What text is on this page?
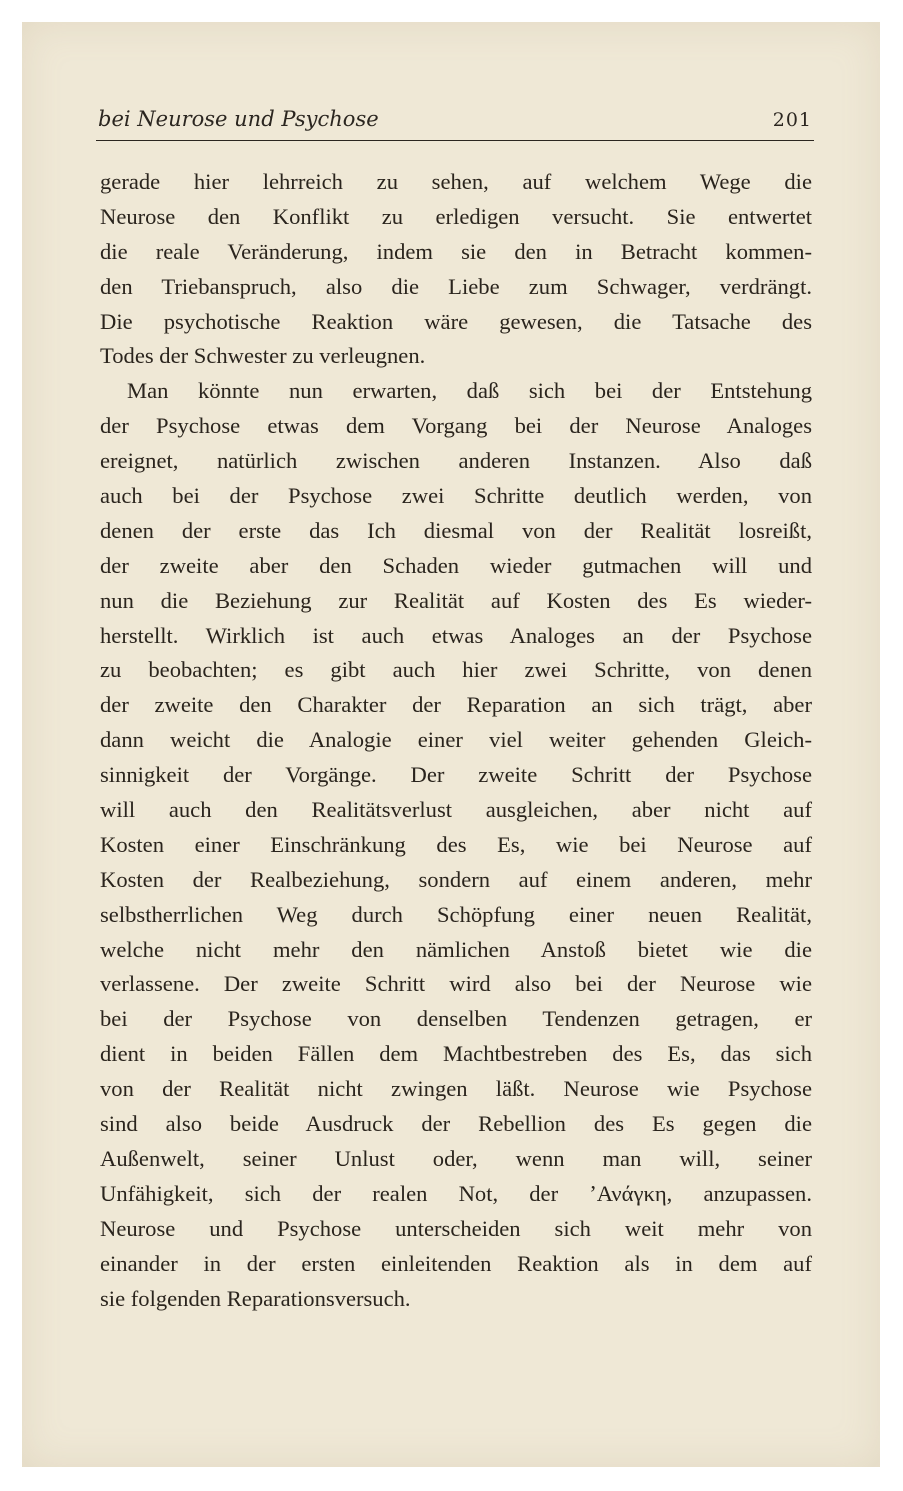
bei Neurose und Psychose	201
gerade hier lehrreich zu sehen, auf welchem Wege die
Neurose den Konflikt zu erledigen versucht. Sie entwertet
die reale Veränderung, indem sie den in Betracht kommen-
den Triebanspruch, also die Liebe zum Schwager, verdrängt.
Die psychotische Reaktion wäre gewesen, die Tatsache des
Todes der Schwester zu verleugnen.
Man könnte nun erwarten, daß sich bei der Entstehung
der Psychose etwas dem Vorgang bei der Neurose Analoges
ereignet, natürlich zwischen anderen Instanzen. Also daß
auch bei der Psychose zwei Schritte deutlich werden, von
denen der erste das Ich diesmal von der Realität losreißt,
der zweite aber den Schaden wieder gutmachen will und
nun die Beziehung zur Realität auf Kosten des Es wieder-
herstellt. Wirklich ist auch etwas Analoges an der Psychose
zu beobachten; es gibt auch hier zwei Schritte, von denen
der zweite den Charakter der Reparation an sich trägt, aber
dann weicht die Analogie einer viel weiter gehenden Gleich-
sinnigkeit der Vorgänge. Der zweite Schritt der Psychose
will auch den Realitätsverlust ausgleichen, aber nicht auf
Kosten einer Einschränkung des Es, wie bei Neurose auf
Kosten der Realbeziehung, sondern auf einem anderen, mehr
selbstherrlichen Weg durch Schöpfung einer neuen Realität,
welche nicht mehr den nämlichen Anstoß bietet wie die
verlassene. Der zweite Schritt wird also bei der Neurose wie
bei der Psychose von denselben Tendenzen getragen, er
dient in beiden Fällen dem Machtbestreben des Es, das sich
von der Realität nicht zwingen läßt. Neurose wie Psychose
sind also beide Ausdruck der Rebellion des Es gegen die
Außenwelt, seiner Unlust oder, wenn man will, seiner
Unfähigkeit, sich der realen Not, der ʼΑνάγκη, anzupassen.
Neurose und Psychose unterscheiden sich weit mehr von
einander in der ersten einleitenden Reaktion als in dem auf
sie folgenden Reparationsversuch.
